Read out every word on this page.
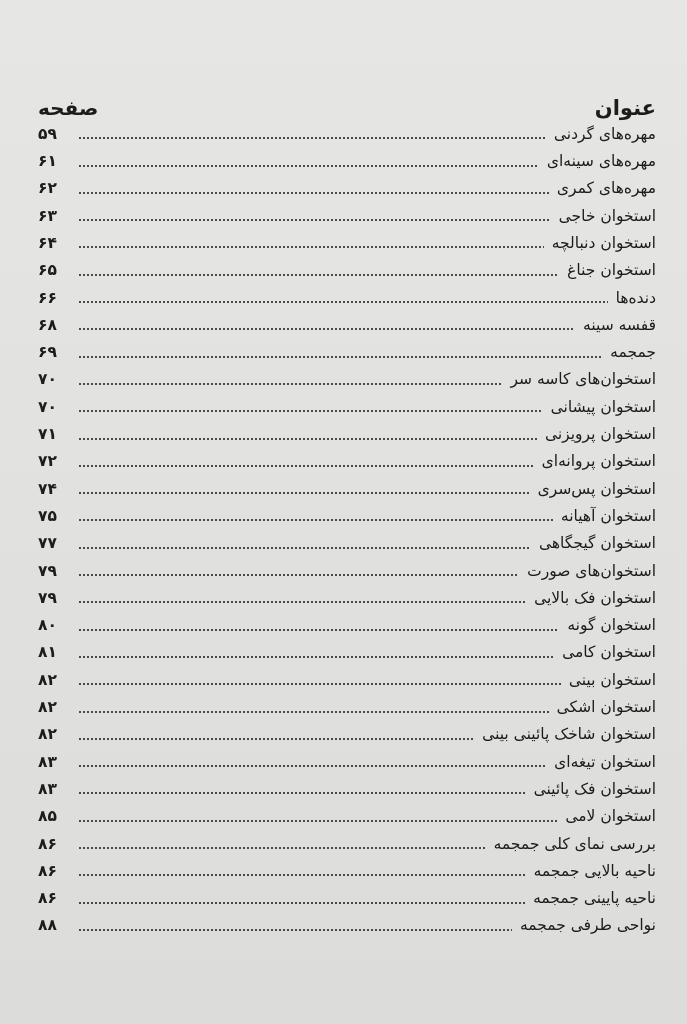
عنوان
صفحه
مهره‌های گردنی
۵۹
مهره‌های سینه‌ای
۶۱
مهره‌های کمری
۶۲
استخوان خاجی
۶۳
استخوان دنبالچه
۶۴
استخوان جناغ
۶۵
دنده‌ها
۶۶
قفسه سینه
۶۸
جمجمه
۶۹
استخوان‌های کاسه سر
۷۰
استخوان پیشانی
۷۰
استخوان پرویزنی
۷۱
استخوان پروانه‌ای
۷۲
استخوان پس‌سری
۷۴
استخوان آهیانه
۷۵
استخوان گیجگاهی
۷۷
استخوان‌های صورت
۷۹
استخوان فک بالایی
۷۹
استخوان گونه
۸۰
استخوان کامی
۸۱
استخوان بینی
۸۲
استخوان اشکی
۸۲
استخوان شاخک پائینی بینی
۸۲
استخوان تیغه‌ای
۸۳
استخوان فک پائینی
۸۳
استخوان لامی
۸۵
بررسی نمای کلی جمجمه
۸۶
ناحیه بالایی جمجمه
۸۶
ناحیه پایینی جمجمه
۸۶
نواحی طرفی جمجمه
۸۸
